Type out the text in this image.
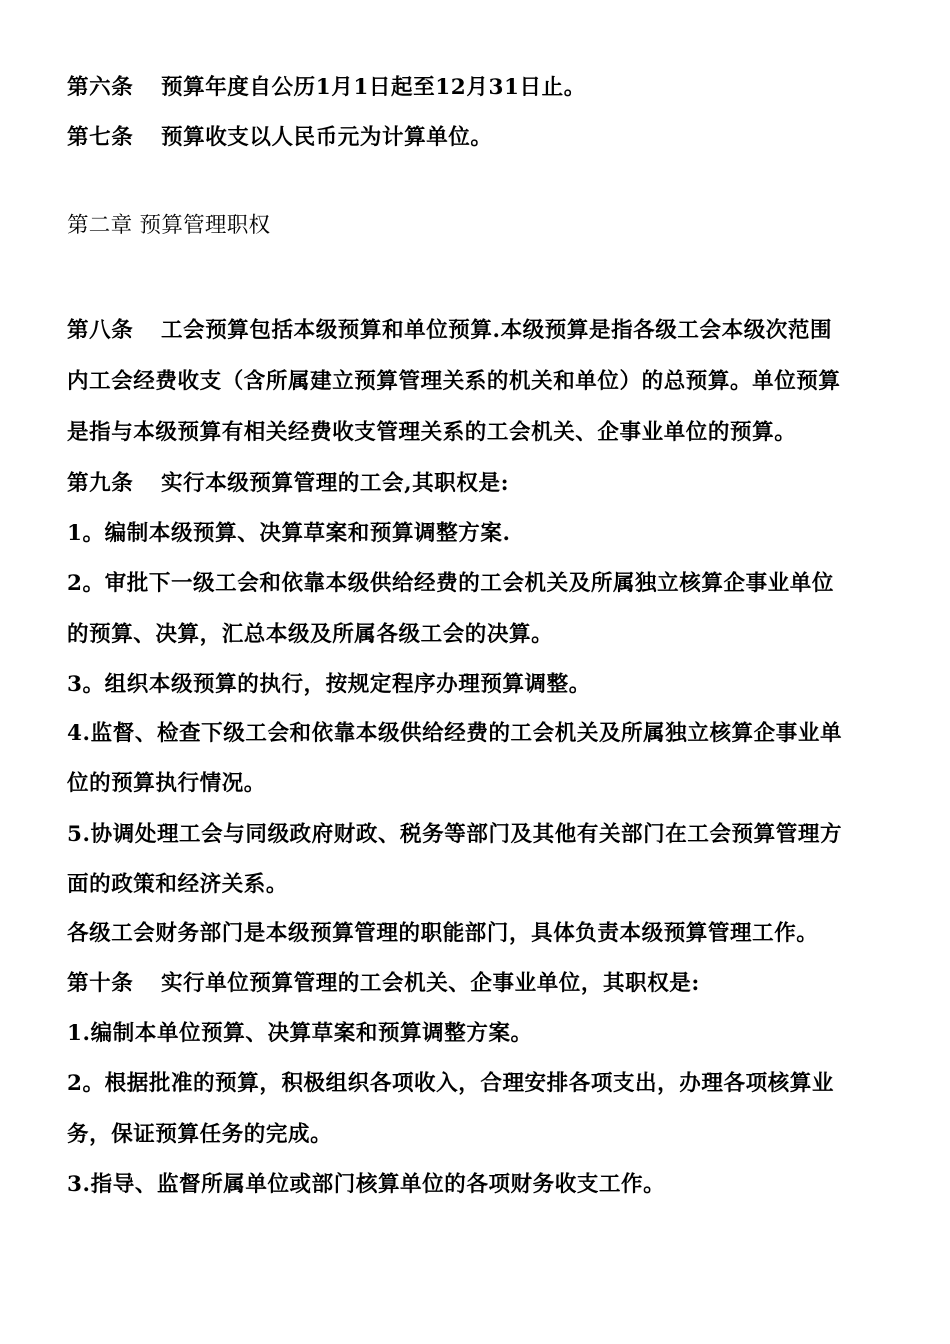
第六条 预算年度自公历1月1日起至12月31日止。
第七条 预算收支以人民币元为计算单位。
第二章 预算管理职权
第八条 工会预算包括本级预算和单位预算.本级预算是指各级工会本级次范围
内工会经费收支（含所属建立预算管理关系的机关和单位）的总预算。单位预算
是指与本级预算有相关经费收支管理关系的工会机关、企事业单位的预算。
第九条 实行本级预算管理的工会,其职权是:
1。编制本级预算、决算草案和预算调整方案.
2。审批下一级工会和依靠本级供给经费的工会机关及所属独立核算企事业单位
的预算、决算，汇总本级及所属各级工会的决算。
3。组织本级预算的执行，按规定程序办理预算调整。
4.监督、检查下级工会和依靠本级供给经费的工会机关及所属独立核算企事业单
位的预算执行情况。
5.协调处理工会与同级政府财政、税务等部门及其他有关部门在工会预算管理方
面的政策和经济关系。
各级工会财务部门是本级预算管理的职能部门，具体负责本级预算管理工作。
第十条 实行单位预算管理的工会机关、企事业单位，其职权是:
1.编制本单位预算、决算草案和预算调整方案。
2。根据批准的预算，积极组织各项收入，合理安排各项支出，办理各项核算业
务，保证预算任务的完成。
3.指导、监督所属单位或部门核算单位的各项财务收支工作。
